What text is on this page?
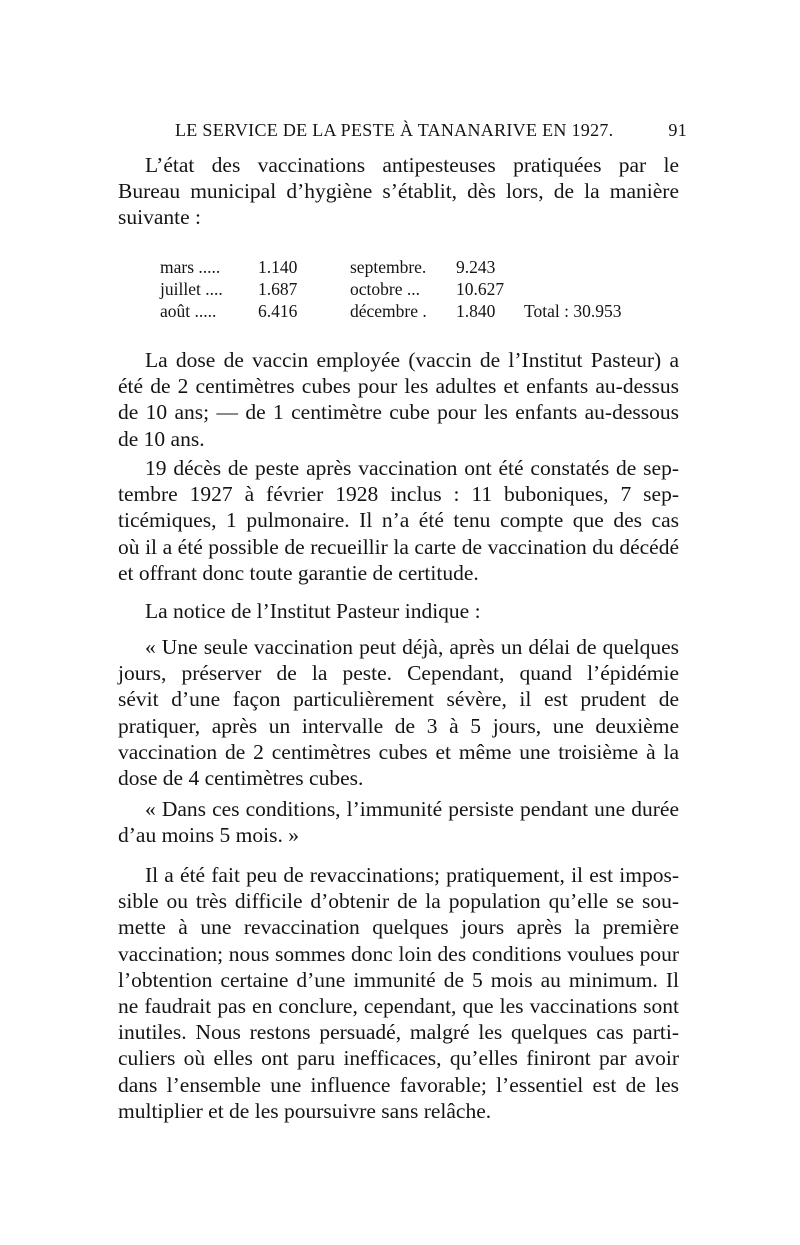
LE SERVICE DE LA PESTE À TANANARIVE EN 1927.	91
L’état des vaccinations antipesteuses pratiquées par le
Bureau municipal d’hygiène s’établit, dès lors, de la manière
suivante :
mars ..... 1.140	septembre. 9.243
juillet .... 1.687	octobre ... 10.627
août ..... 6.416	décembre . 1.840 Total : 30.953
La dose de vaccin employée (vaccin de l’Institut Pasteur) a
été de 2 centimètres cubes pour les adultes et enfants au-dessus
de 10 ans; — de 1 centimètre cube pour les enfants au-dessous
de 10 ans.
19 décès de peste après vaccination ont été constatés de sep-
tembre 1927 à février 1928 inclus : 11 buboniques, 7 sep-
ticémiques, 1 pulmonaire. Il n’a été tenu compte que des cas
où il a été possible de recueillir la carte de vaccination du décédé
et offrant donc toute garantie de certitude.
La notice de l’Institut Pasteur indique :
« Une seule vaccination peut déjà, après un délai de quelques
jours, préserver de la peste. Cependant, quand l’épidémie
sévit d’une façon particulièrement sévère, il est prudent de
pratiquer, après un intervalle de 3 à 5 jours, une deuxième
vaccination de 2 centimètres cubes et même une troisième à la
dose de 4 centimètres cubes.
« Dans ces conditions, l’immunité persiste pendant une durée
d’au moins 5 mois. »
Il a été fait peu de revaccinations; pratiquement, il est impos-
sible ou très difficile d’obtenir de la population qu’elle se sou-
mette à une revaccination quelques jours après la première
vaccination; nous sommes donc loin des conditions voulues pour
l’obtention certaine d’une immunité de 5 mois au minimum. Il
ne faudrait pas en conclure, cependant, que les vaccinations sont
inutiles. Nous restons persuadé, malgré les quelques cas parti-
culiers où elles ont paru inefficaces, qu’elles finiront par avoir
dans l’ensemble une influence favorable; l’essentiel est de les
multiplier et de les poursuivre sans relâche.
